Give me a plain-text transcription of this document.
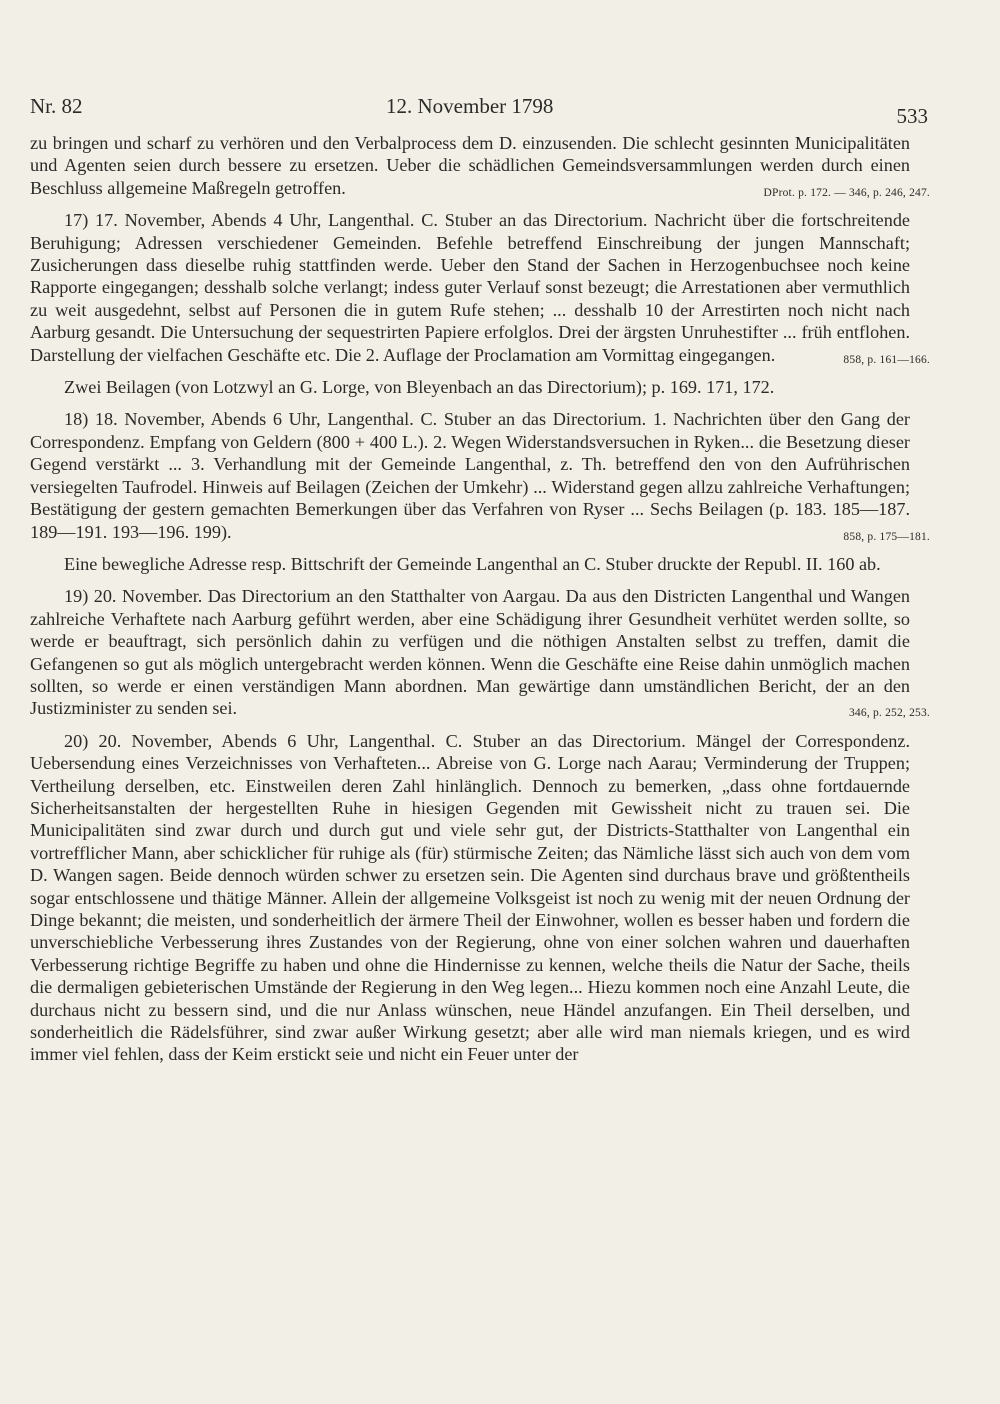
Nr. 82	12. November 1798	533

zu bringen und scharf zu verhören und den Verbalprocess dem D. einzusenden. Die schlecht gesinnten Municipalitäten und Agenten seien durch bessere zu ersetzen. Ueber die schädlichen Gemeindsversammlungen werden durch einen Beschluss allgemeine Maßregeln getroffen.	DProt. p. 172. — 346, p. 246, 247.

17) 17. November, Abends 4 Uhr, Langenthal. C. Stuber an das Directorium. Nachricht über die fortschreitende Beruhigung; Adressen verschiedener Gemeinden. Befehle betreffend Einschreibung der jungen Mannschaft; Zusicherungen dass dieselbe ruhig stattfinden werde. Ueber den Stand der Sachen in Herzogenbuchsee noch keine Rapporte eingegangen; desshalb solche verlangt; indess guter Verlauf sonst bezeugt; die Arrestationen aber vermuthlich zu weit ausgedehnt, selbst auf Personen die in gutem Rufe stehen; ... desshalb 10 der Arrestirten noch nicht nach Aarburg gesandt. Die Untersuchung der sequestrirten Papiere erfolglos. Drei der ärgsten Unruhestifter ... früh entflohen. Darstellung der vielfachen Geschäfte etc. Die 2. Auflage der Proclamation am Vormittag eingegangen.	858, p. 161—166.

Zwei Beilagen (von Lotzwyl an G. Lorge, von Bleyenbach an das Directorium); p. 169. 171, 172.

18) 18. November, Abends 6 Uhr, Langenthal. C. Stuber an das Directorium. 1. Nachrichten über den Gang der Correspondenz. Empfang von Geldern (800 + 400 L.). 2. Wegen Widerstandsversuchen in Ryken... die Besetzung dieser Gegend verstärkt ... 3. Verhandlung mit der Gemeinde Langenthal, z. Th. betreffend den von den Aufrührischen versiegelten Taufrodel. Hinweis auf Beilagen (Zeichen der Umkehr) ... Widerstand gegen allzu zahlreiche Verhaftungen; Bestätigung der gestern gemachten Bemerkungen über das Verfahren von Ryser ... Sechs Beilagen (p. 183. 185—187. 189—191. 193—196. 199).	858, p. 175—181.

Eine bewegliche Adresse resp. Bittschrift der Gemeinde Langenthal an C. Stuber druckte der Republ. II. 160 ab.

19) 20. November. Das Directorium an den Statthalter von Aargau. Da aus den Districten Langenthal und Wangen zahlreiche Verhaftete nach Aarburg geführt werden, aber eine Schädigung ihrer Gesundheit verhütet werden sollte, so werde er beauftragt, sich persönlich dahin zu verfügen und die nöthigen Anstalten selbst zu treffen, damit die Gefangenen so gut als möglich untergebracht werden können. Wenn die Geschäfte eine Reise dahin unmöglich machen sollten, so werde er einen verständigen Mann abordnen. Man gewärtige dann umständlichen Bericht, der an den Justizminister zu senden sei.	346, p. 252, 253.

20) 20. November, Abends 6 Uhr, Langenthal. C. Stuber an das Directorium. Mängel der Correspondenz. Uebersendung eines Verzeichnisses von Verhafteten... Abreise von G. Lorge nach Aarau; Verminderung der Truppen; Vertheilung derselben, etc. Einstweilen deren Zahl hinlänglich. Dennoch zu bemerken, „dass ohne fortdauernde Sicherheitsanstalten der hergestellten Ruhe in hiesigen Gegenden mit Gewissheit nicht zu trauen sei. Die Municipalitäten sind zwar durch und durch gut und viele sehr gut, der Districts-Statthalter von Langenthal ein vortrefflicher Mann, aber schicklicher für ruhige als (für) stürmische Zeiten; das Nämliche lässt sich auch von dem vom D. Wangen sagen. Beide dennoch würden schwer zu ersetzen sein. Die Agenten sind durchaus brave und größtentheils sogar entschlossene und thätige Männer. Allein der allgemeine Volksgeist ist noch zu wenig mit der neuen Ordnung der Dinge bekannt; die meisten, und sonderheitlich der ärmere Theil der Einwohner, wollen es besser haben und fordern die unverschiebliche Verbesserung ihres Zustandes von der Regierung, ohne von einer solchen wahren und dauerhaften Verbesserung richtige Begriffe zu haben und ohne die Hindernisse zu kennen, welche theils die Natur der Sache, theils die dermaligen gebieterischen Umstände der Regierung in den Weg legen... Hiezu kommen noch eine Anzahl Leute, die durchaus nicht zu bessern sind, und die nur Anlass wünschen, neue Händel anzufangen. Ein Theil derselben, und sonderheitlich die Rädelsführer, sind zwar außer Wirkung gesetzt; aber alle wird man niemals kriegen, und es wird immer viel fehlen, dass der Keim erstickt seie und nicht ein Feuer unter der
